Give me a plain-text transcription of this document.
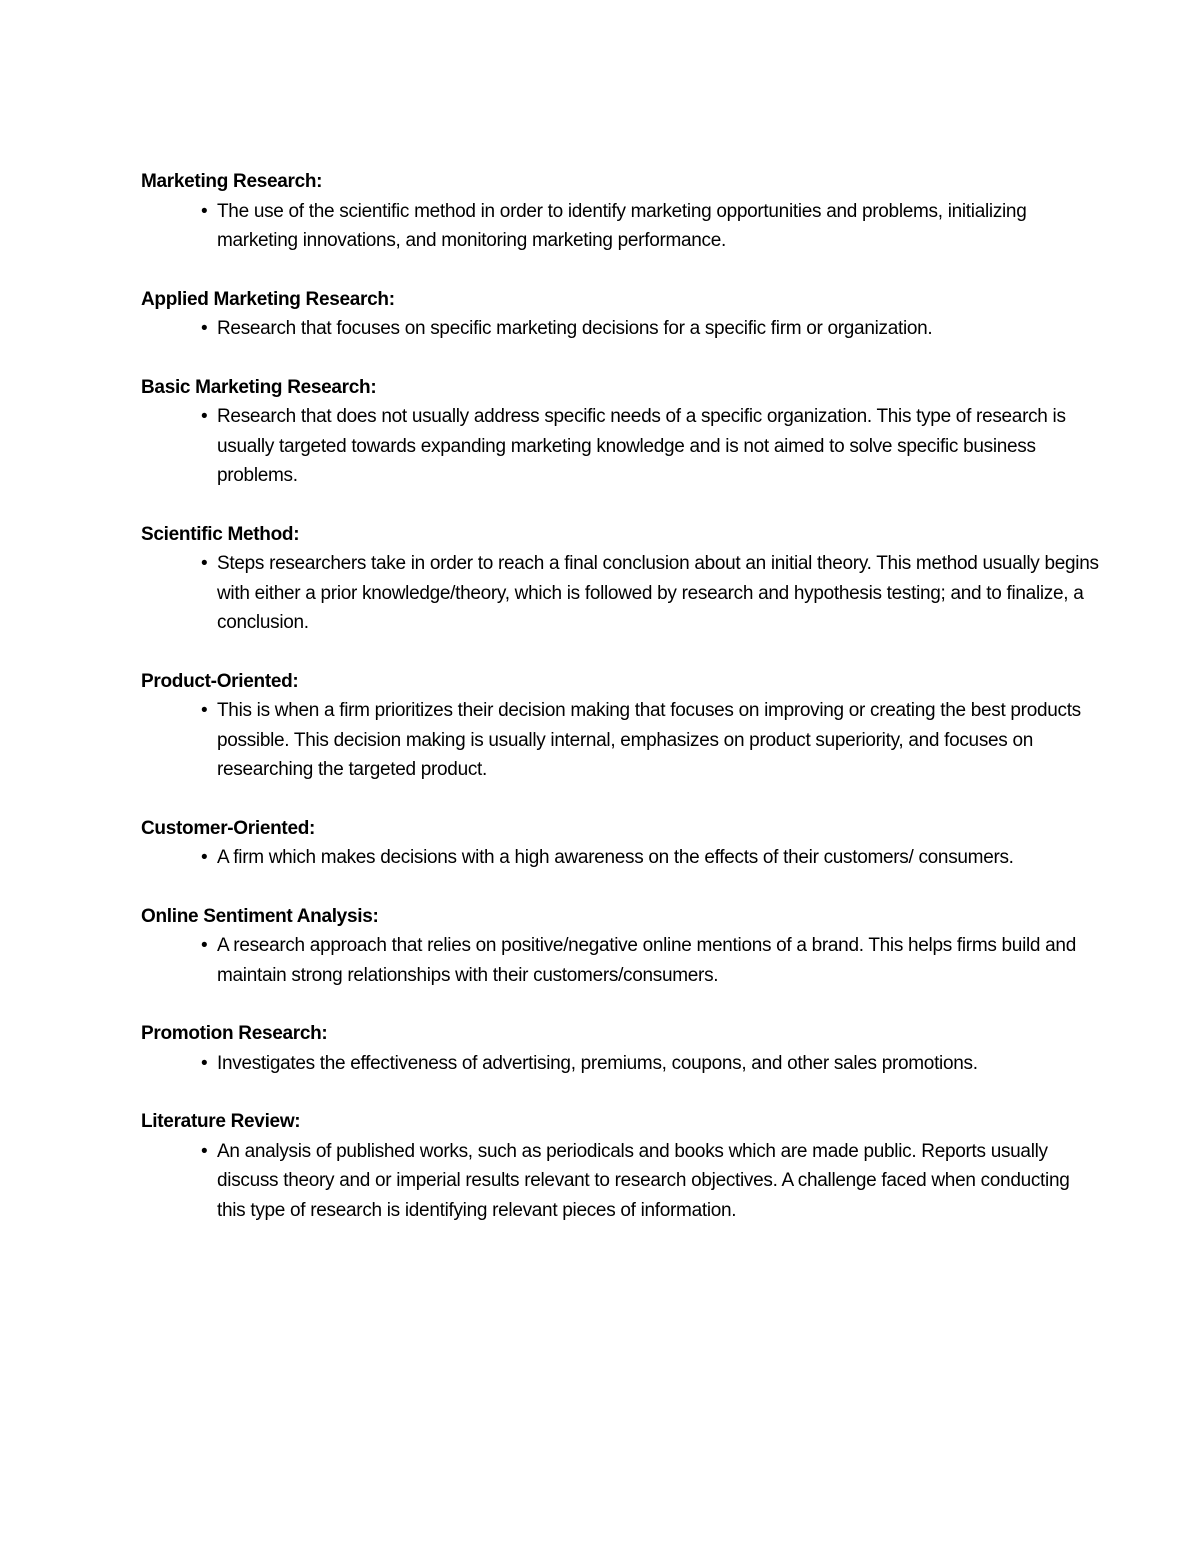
Marketing Research:

• The use of the scientific method in order to identify marketing opportunities and problems, initializing marketing innovations, and monitoring marketing performance.

Applied Marketing Research:

• Research that focuses on specific marketing decisions for a specific firm or organization.

Basic Marketing Research:

• Research that does not usually address specific needs of a specific organization. This type of research is usually targeted towards expanding marketing knowledge and is not aimed to solve specific business problems.

Scientific Method:

• Steps researchers take in order to reach a final conclusion about an initial theory. This method usually begins with either a prior knowledge/theory, which is followed by research and hypothesis testing; and to finalize, a conclusion.

Product-Oriented:

• This is when a firm prioritizes their decision making that focuses on improving or creating the best products possible. This decision making is usually internal, emphasizes on product superiority, and focuses on researching the targeted product.

Customer-Oriented:

• A firm which makes decisions with a high awareness on the effects of their customers/ consumers.

Online Sentiment Analysis:

• A research approach that relies on positive/negative online mentions of a brand. This helps firms build and maintain strong relationships with their customers/consumers.

Promotion Research:

• Investigates the effectiveness of advertising, premiums, coupons, and other sales promotions.

Literature Review:

• An analysis of published works, such as periodicals and books which are made public. Reports usually discuss theory and or imperial results relevant to research objectives. A challenge faced when conducting this type of research is identifying relevant pieces of information.
